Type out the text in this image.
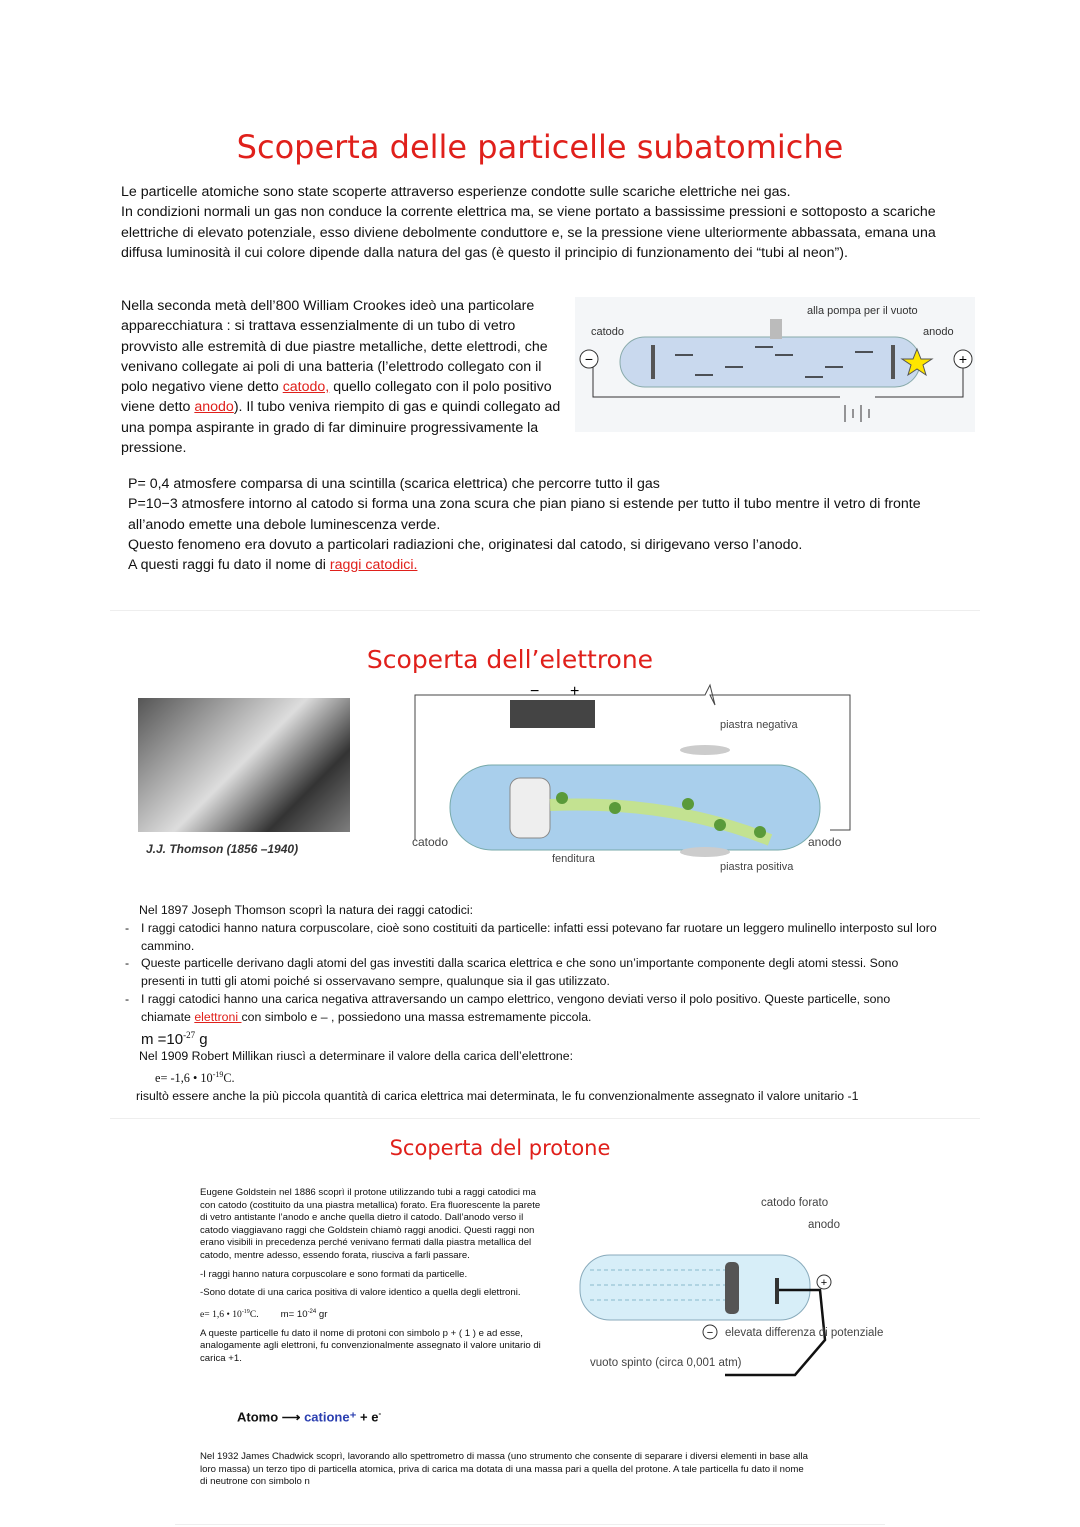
Scoperta delle particelle subatomiche
Le particelle atomiche sono state scoperte attraverso esperienze condotte sulle scariche elettriche nei gas.
In condizioni normali un gas non conduce la corrente elettrica ma, se viene portato a bassissime pressioni e sottoposto a scariche elettriche di elevato potenziale, esso diviene debolmente conduttore e, se la pressione viene ulteriormente abbassata, emana una diffusa luminosità il cui colore dipende dalla natura del gas (è questo il principio di funzionamento dei “tubi al neon”).
Nella seconda metà dell’800 William Crookes ideò una particolare apparecchiatura : si trattava essenzialmente di un tubo di vetro provvisto alle estremità di due piastre metalliche, dette elettrodi, che venivano collegate ai poli di una batteria (l’elettrodo collegato con il polo negativo viene detto catodo, quello collegato con il polo positivo viene detto anodo). Il tubo veniva riempito di gas e quindi collegato ad una pompa aspirante in grado di far diminuire progressivamente la pressione.
−	+
catodo	anodo
alla pompa per il vuoto
P= 0,4 atmosfere comparsa di una scintilla (scarica elettrica) che percorre tutto il gas
P=10−3 atmosfere intorno al catodo si forma una zona scura che pian piano si estende per tutto il tubo mentre il vetro di fronte all’anodo emette una debole luminescenza verde.
Questo fenomeno era dovuto a particolari radiazioni che, originatesi dal catodo, si dirigevano verso l’anodo.
A questi raggi fu dato il nome di raggi catodici.
Scoperta dell’elettrone
J.J. Thomson (1856 –1940)
− +
piastra negativa
piastra positiva
catodo	anodo
fenditura
Nel 1897 Joseph Thomson scoprì la natura dei raggi catodici:
- I raggi catodici hanno natura corpuscolare, cioè sono costituiti da particelle: infatti essi potevano far ruotare un leggero mulinello interposto sul loro cammino.
- Queste particelle derivano dagli atomi del gas investiti dalla scarica elettrica e che sono un’importante componente degli atomi stessi. Sono presenti in tutti gli atomi poiché si osservavano sempre, qualunque sia il gas utilizzato.
- I raggi catodici hanno una carica negativa attraversando un campo elettrico, vengono deviati verso il polo positivo. Queste particelle, sono chiamate elettroni con simbolo e – , possiedono una massa estremamente piccola.
$m =10^{-27}$ g
Nel 1909 Robert Millikan riuscì a determinare il valore della carica dell’elettrone:
e= -1,6 • $10^{-19}C$.
risultò essere anche la più piccola quantità di carica elettrica mai determinata, le fu convenzionalmente assegnato il valore unitario -1
Scoperta del protone
Eugene Goldstein nel 1886 scoprì il protone utilizzando tubi a raggi catodici ma con catodo (costituito da una piastra metallica) forato. Era fluorescente la parete di vetro antistante l’anodo e anche quella dietro il catodo. Dall’anodo verso il catodo viaggiavano raggi che Goldstein chiamò raggi anodici. Questi raggi non erano visibili in precedenza perché venivano fermati dalla piastra metallica del catodo, mentre adesso, essendo forata, riusciva a farli passare.
-I raggi hanno natura corpuscolare e sono formati da particelle.
-Sono dotate di una carica positiva di valore identico a quella degli elettroni.
e= 1,6 • $10^{-19}C$. $m= 10^{-24}$ gr
A queste particelle fu dato il nome di protoni con simbolo p + ( 1 ) e ad esse, analogamente agli elettroni, fu convenzionalmente assegnato il valore unitario di carica +1.
Atomo ⟶ catione⁺ + e-
+
−
catodo forato
anodo
vuoto spinto (circa 0,001 atm)
elevata differenza di potenziale
Nel 1932 James Chadwick scoprì, lavorando allo spettrometro di massa (uno strumento che consente di separare i diversi elementi in base alla loro massa) un terzo tipo di particella atomica, priva di carica ma dotata di una massa pari a quella del protone. A tale particella fu dato il nome di neutrone con simbolo n
